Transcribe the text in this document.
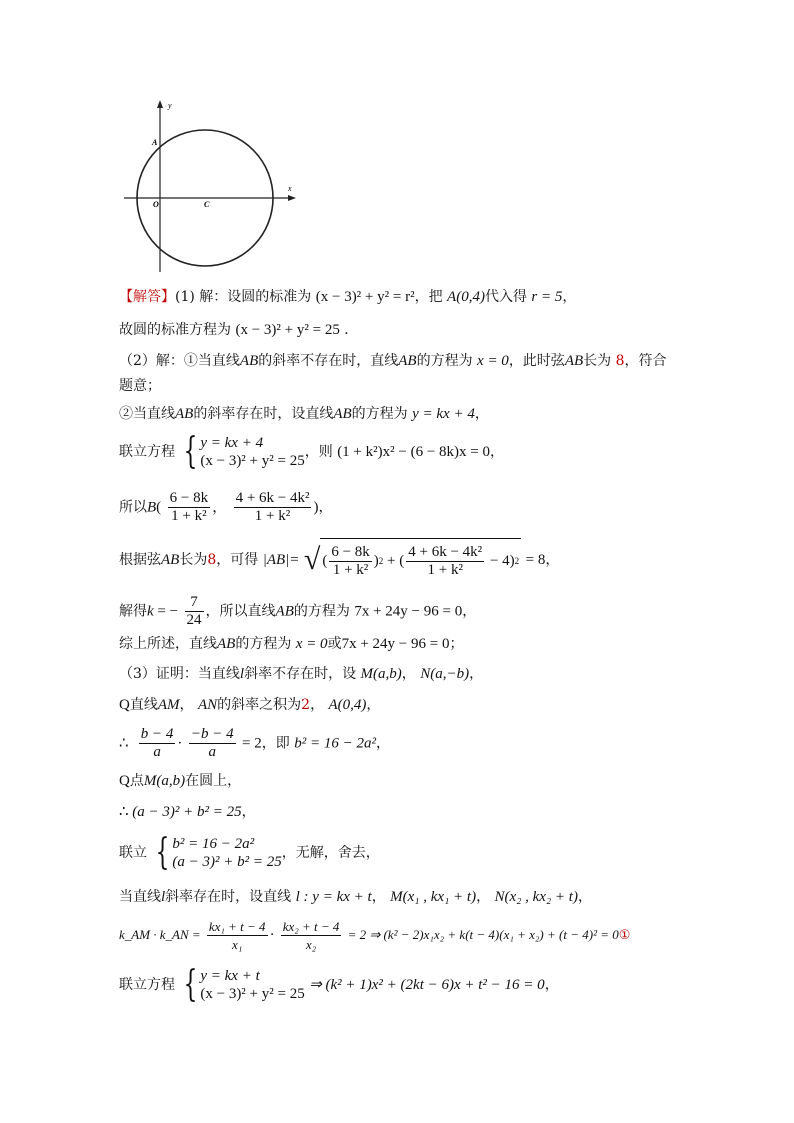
x
y
O	C
A
【解答】(1) 解：设圆的标准为 (x − 3)² + y² = r²，把 A(0,4)代入得 r = 5，
故圆的标准方程为 (x − 3)² + y² = 25 ．
（2）解：①当直线AB的斜率不存在时，直线AB的方程为 x = 0，此时弦AB长为 8，符合
题意；
②当直线AB的斜率存在时，设直线AB的方程为 y = kx + 4，
联立方程 { y = kx + 4
(x − 3)² + y² = 25
，则 (1 + k²)x² − (6 − 8k)x = 0，
所以$B( \frac{6 - 8k}{\text{1 + k²}}$ ， $\frac{\text{4 + 6k − 4k²}}{\text{1 + k²}}$ )，
根据弦AB长为8，可得 |AB|= √ ( $\frac{6 - 8k}{\text{1 + k²}}$ ) 2 + ( $\frac{\text{4 + 6k − 4k²}}{\text{1 + k²}} - 4$) 2 = 8，
解得k = − $\frac{7}{24}$ ，所以直线AB的方程为 7x + 24y − 96 = 0，
综上所述，直线AB的方程为 x = 0或7x + 24y − 96 = 0；
（3）证明：当直线l斜率不存在时，设 M(a,b)， N(a,−b)，
Q直线AM， AN的斜率之积为2， A(0,4)，
∴ $\frac{b - 4}{a} \cdot \frac{-b - 4}{a} = 2$，即 b² = 16 − 2a²，
Q点M(a,b)在圆上，
∴ (a − 3)² + b² = 25，
联立 { b² = 16 − 2a²
(a − 3)² + b² = 25
，无解，舍去，
当直线l斜率存在时，设直线 l : y = kx + t， M(x₁ , kx₁ + t)， N(x₂ , kx₂ + t)，
k_AM · k_AN = $\frac{\text{kx₁ + t − 4}}{\text{x₁}} \cdot \frac{\text{kx₂ + t − 4}}{\text{x₂}} = 2$ ⇒ (k² − 2)x₁x₂ + k(t − 4)(x₁ + x₂) + (t − 4)² = 0①
联立方程 { y = kx + t
(x − 3)² + y² = 25
⇒ (k² + 1)x² + (2kt − 6)x + t² − 16 = 0，
